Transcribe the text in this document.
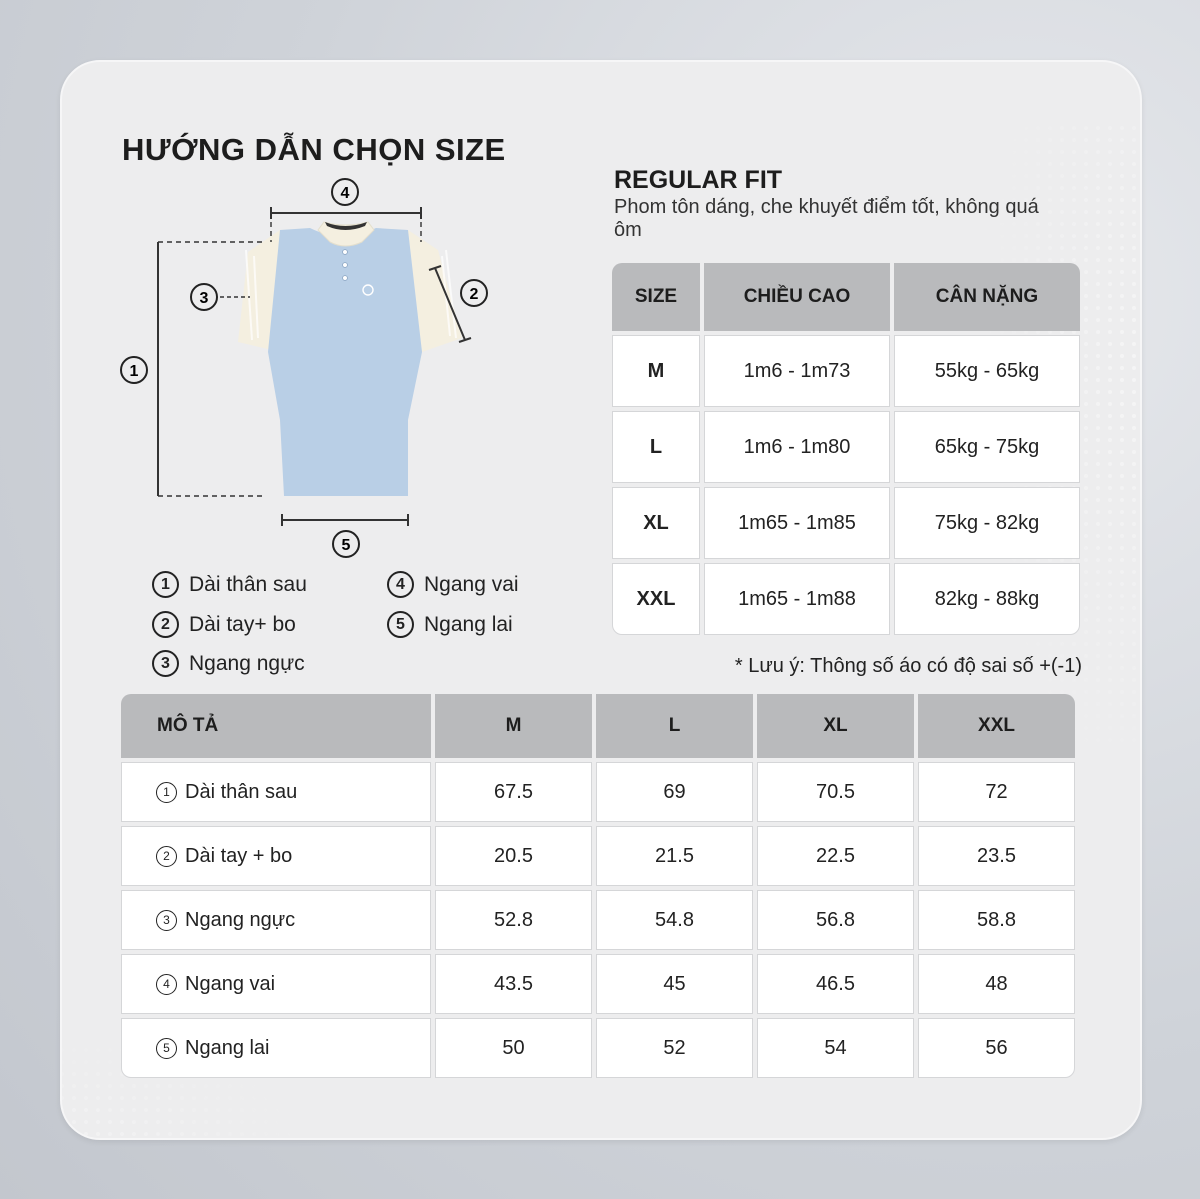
HƯỚNG DẪN CHỌN SIZE
REGULAR FIT

Phom tôn dáng, che khuyết điểm tốt, không quá ôm

1
2
3
4
5
1 Dài thân sau
2 Dài tay+ bo
3 Ngang ngực
4 Ngang vai
5 Ngang lai
SIZE	CHIỀU CAO	CÂN NẶNG
M	1m6 - 1m73	55kg - 65kg
L	1m6 - 1m80	65kg - 75kg
XL	1m65 - 1m85	75kg - 82kg
XXL	1m65 - 1m88	82kg - 88kg
* Lưu ý: Thông số áo có độ sai số +(-1)
MÔ TẢ	M	L	XL	XXL

1 Dài thân sau	67.5	69	70.5	72

2 Dài tay + bo	20.5	21.5	22.5	23.5

3 Ngang ngực	52.8	54.8	56.8	58.8

4 Ngang vai	43.5	45	46.5	48

5 Ngang lai	50	52	54	56
